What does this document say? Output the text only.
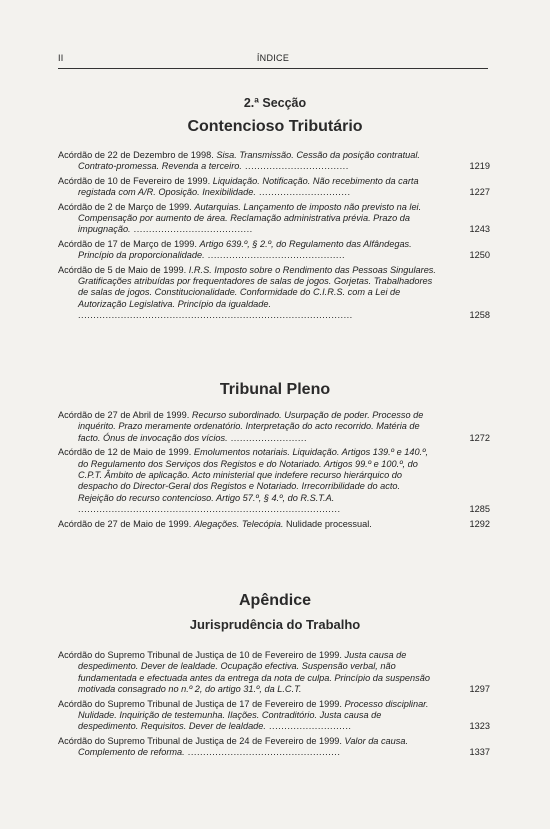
II	ÍNDICE
2.ª Secção
Contencioso Tributário
Acórdão de 22 de Dezembro de 1998. Sisa. Transmissão. Cessão da posição contratual. Contrato-promessa. Revenda a terceiro. ..................................	1219
Acórdão de 10 de Fevereiro de 1999. Liquidação. Notificação. Não recebimento da carta registada com A/R. Oposição. Inexibilidade. ..............................	1227
Acórdão de 2 de Março de 1999. Autarquias. Lançamento de imposto não previsto na lei. Compensação por aumento de área. Reclamação administrativa prévia. Prazo da impugnação. .......................................	1243
Acórdão de 17 de Março de 1999. Artigo 639.º, § 2.º, do Regulamento das Alfândegas. Princípio da proporcionalidade. .............................................	1250
Acórdão de 5 de Maio de 1999. I.R.S. Imposto sobre o Rendimento das Pessoas Singulares. Gratificações atribuídas por frequentadores de salas de jogos. Gorjetas. Trabalhadores de salas de jogos. Constitucionalidade. Conformidade do C.I.R.S. com a Lei de Autorização Legislativa. Princípio da igualdade. ..........................................................................................	1258
Tribunal Pleno
Acórdão de 27 de Abril de 1999. Recurso subordinado. Usurpação de poder. Processo de inquérito. Prazo meramente ordenatório. Interpretação do acto recorrido. Matéria de facto. Ónus de invocação dos vícios. .........................	1272
Acórdão de 12 de Maio de 1999. Emolumentos notariais. Liquidação. Artigos 139.º e 140.º, do Regulamento dos Serviços dos Registos e do Notariado. Artigos 99.º e 100.º, do C.P.T. Âmbito de aplicação. Acto ministerial que indefere recurso hierárquico do despacho do Director-Geral dos Registos e Notariado. Irrecorribilidade do acto. Rejeição do recurso contencioso. Artigo 57.º, § 4.º, do R.S.T.A. ......................................................................................	1285
Acórdão de 27 de Maio de 1999. Alegações. Telecópia. Nulidade processual.	1292
Apêndice
Jurisprudência do Trabalho
Acórdão do Supremo Tribunal de Justiça de 10 de Fevereiro de 1999. Justa causa de despedimento. Dever de lealdade. Ocupação efectiva. Suspensão verbal, não fundamentada e efectuada antes da entrega da nota de culpa. Princípio da suspensão motivada consagrado no n.º 2, do artigo 31.º, da L.C.T.	1297
Acórdão do Supremo Tribunal de Justiça de 17 de Fevereiro de 1999. Processo disciplinar. Nulidade. Inquirição de testemunha. Ilações. Contraditório. Justa causa de despedimento. Requisitos. Dever de lealdade. ...........................	1323
Acórdão do Supremo Tribunal de Justiça de 24 de Fevereiro de 1999. Valor da causa. Complemento de reforma. ..................................................	1337
